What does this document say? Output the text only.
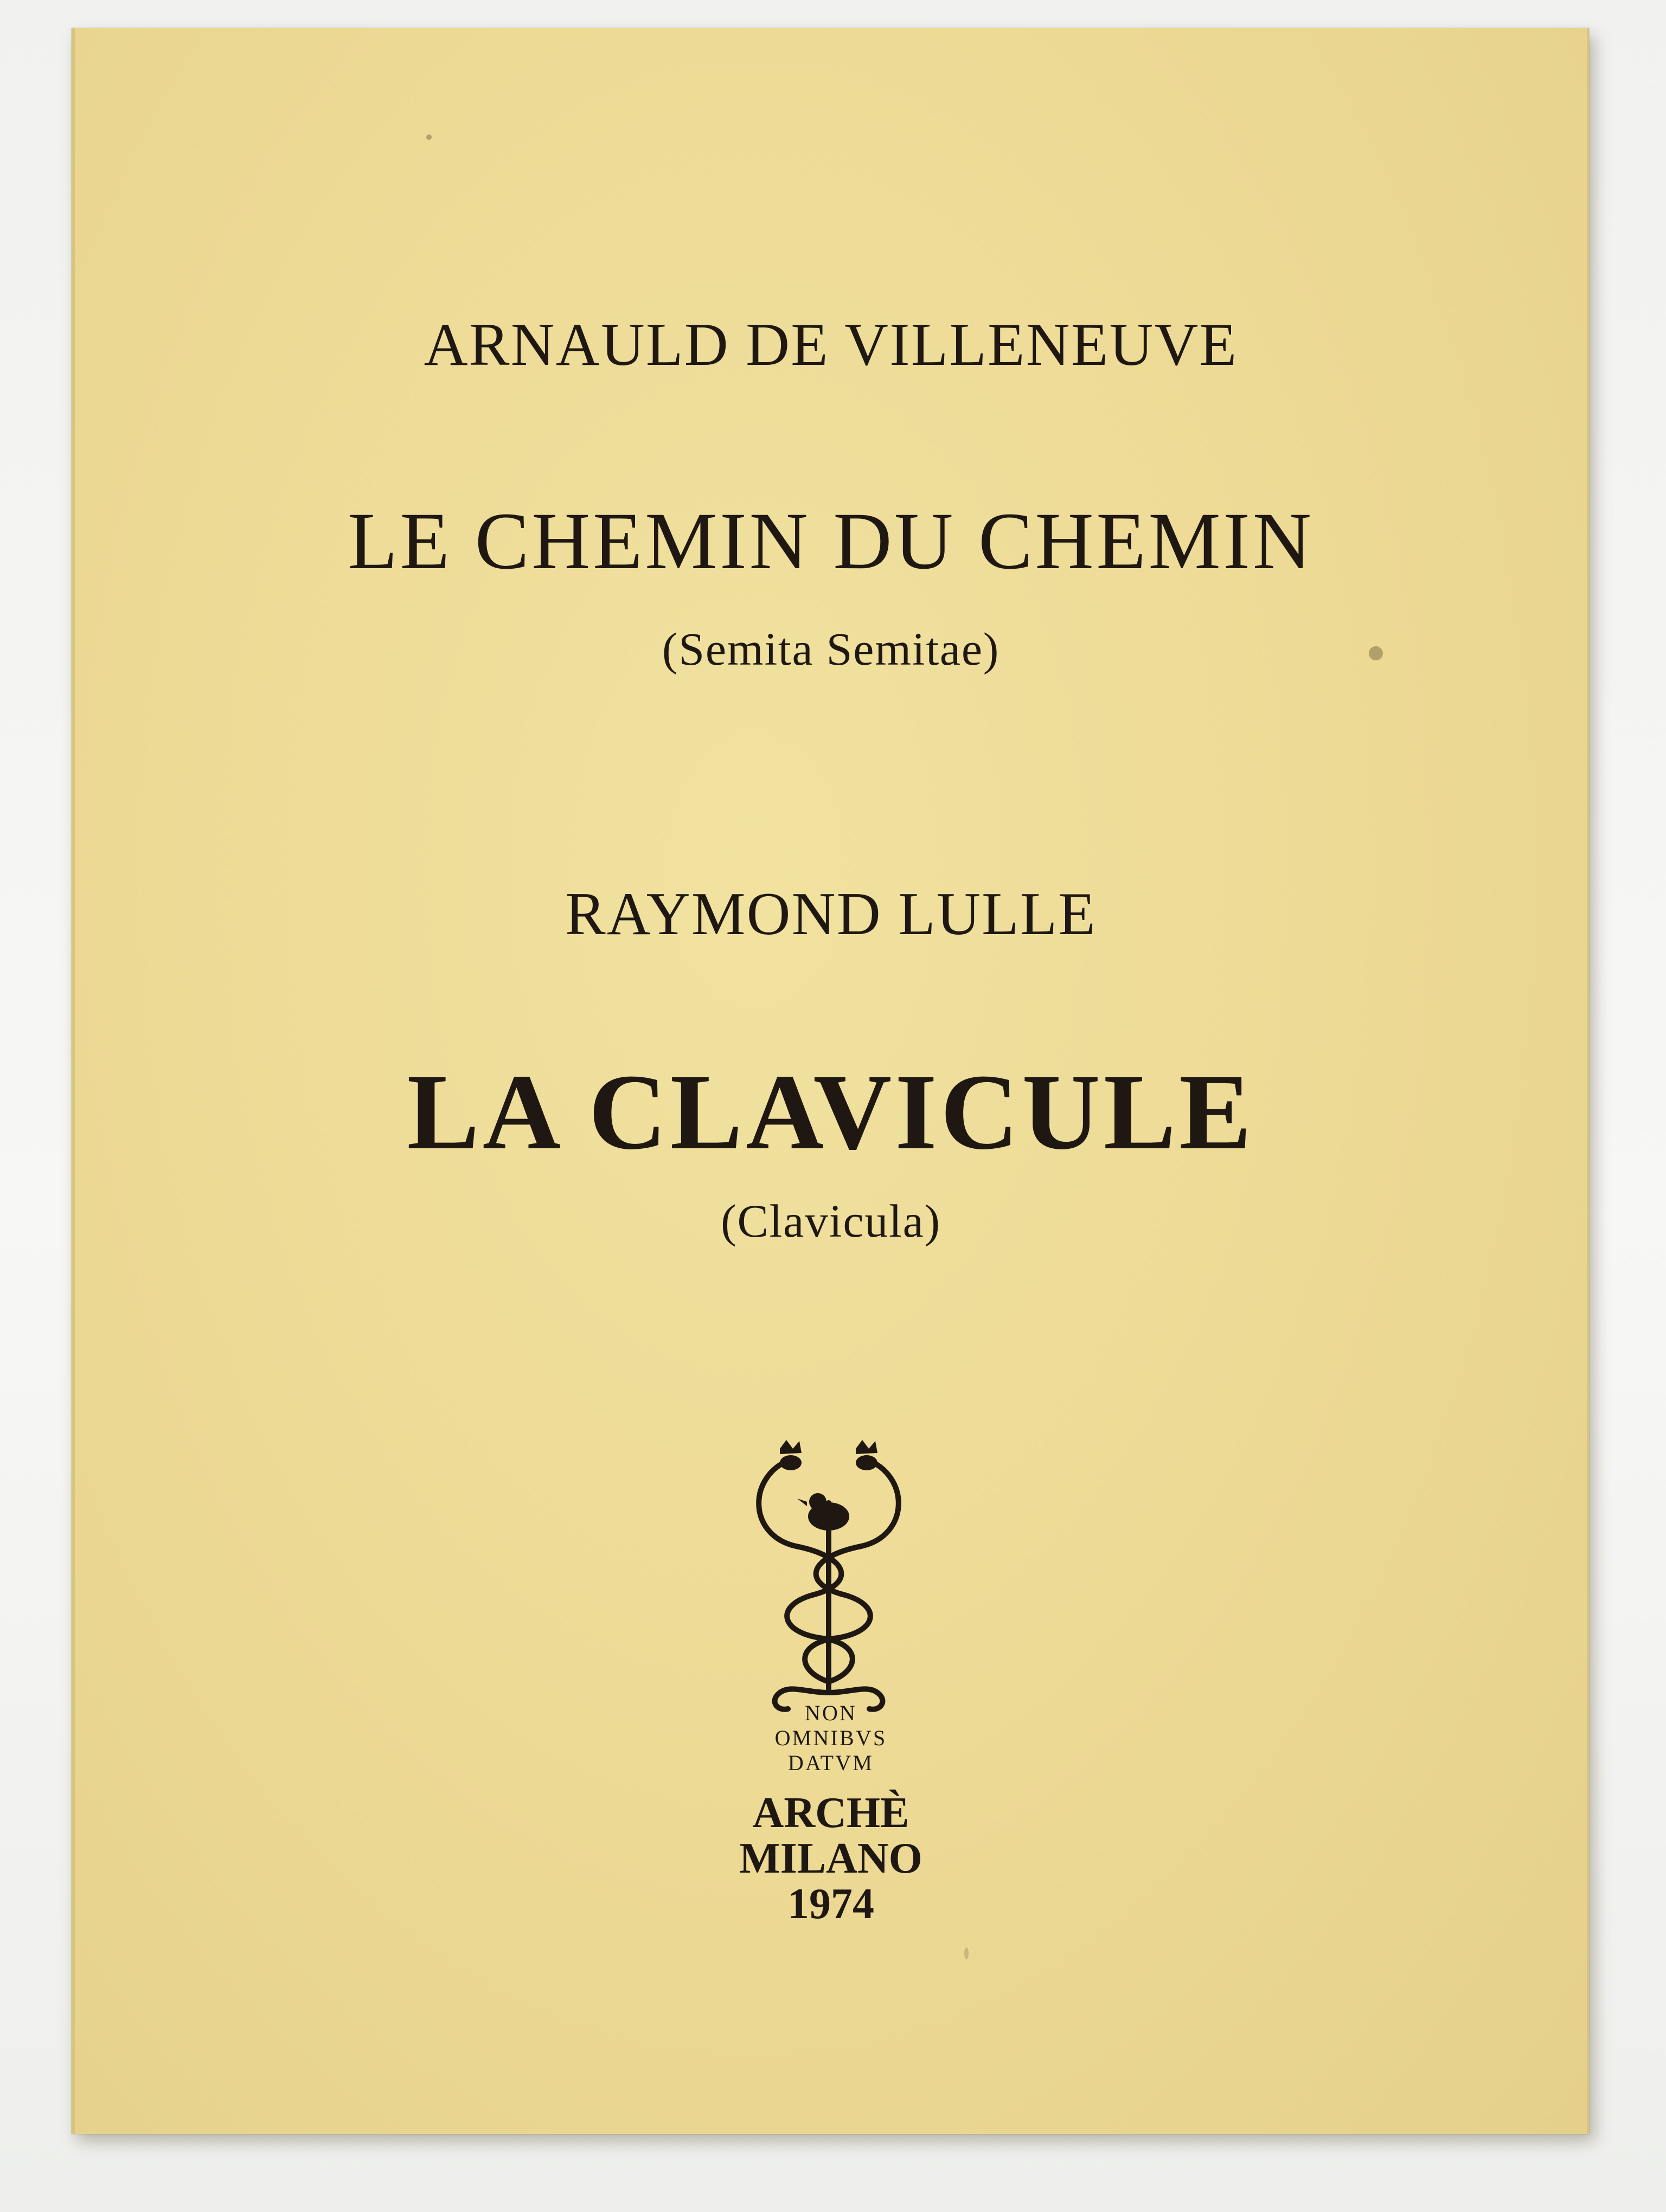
ARNAULD DE VILLENEUVE
LE CHEMIN DU CHEMIN
(Semita Semitae)
RAYMOND LULLE
LA CLAVICULE
(Clavicula)
NON
OMNIBVS
DATVM
ARCHÈ
MILANO
1974
